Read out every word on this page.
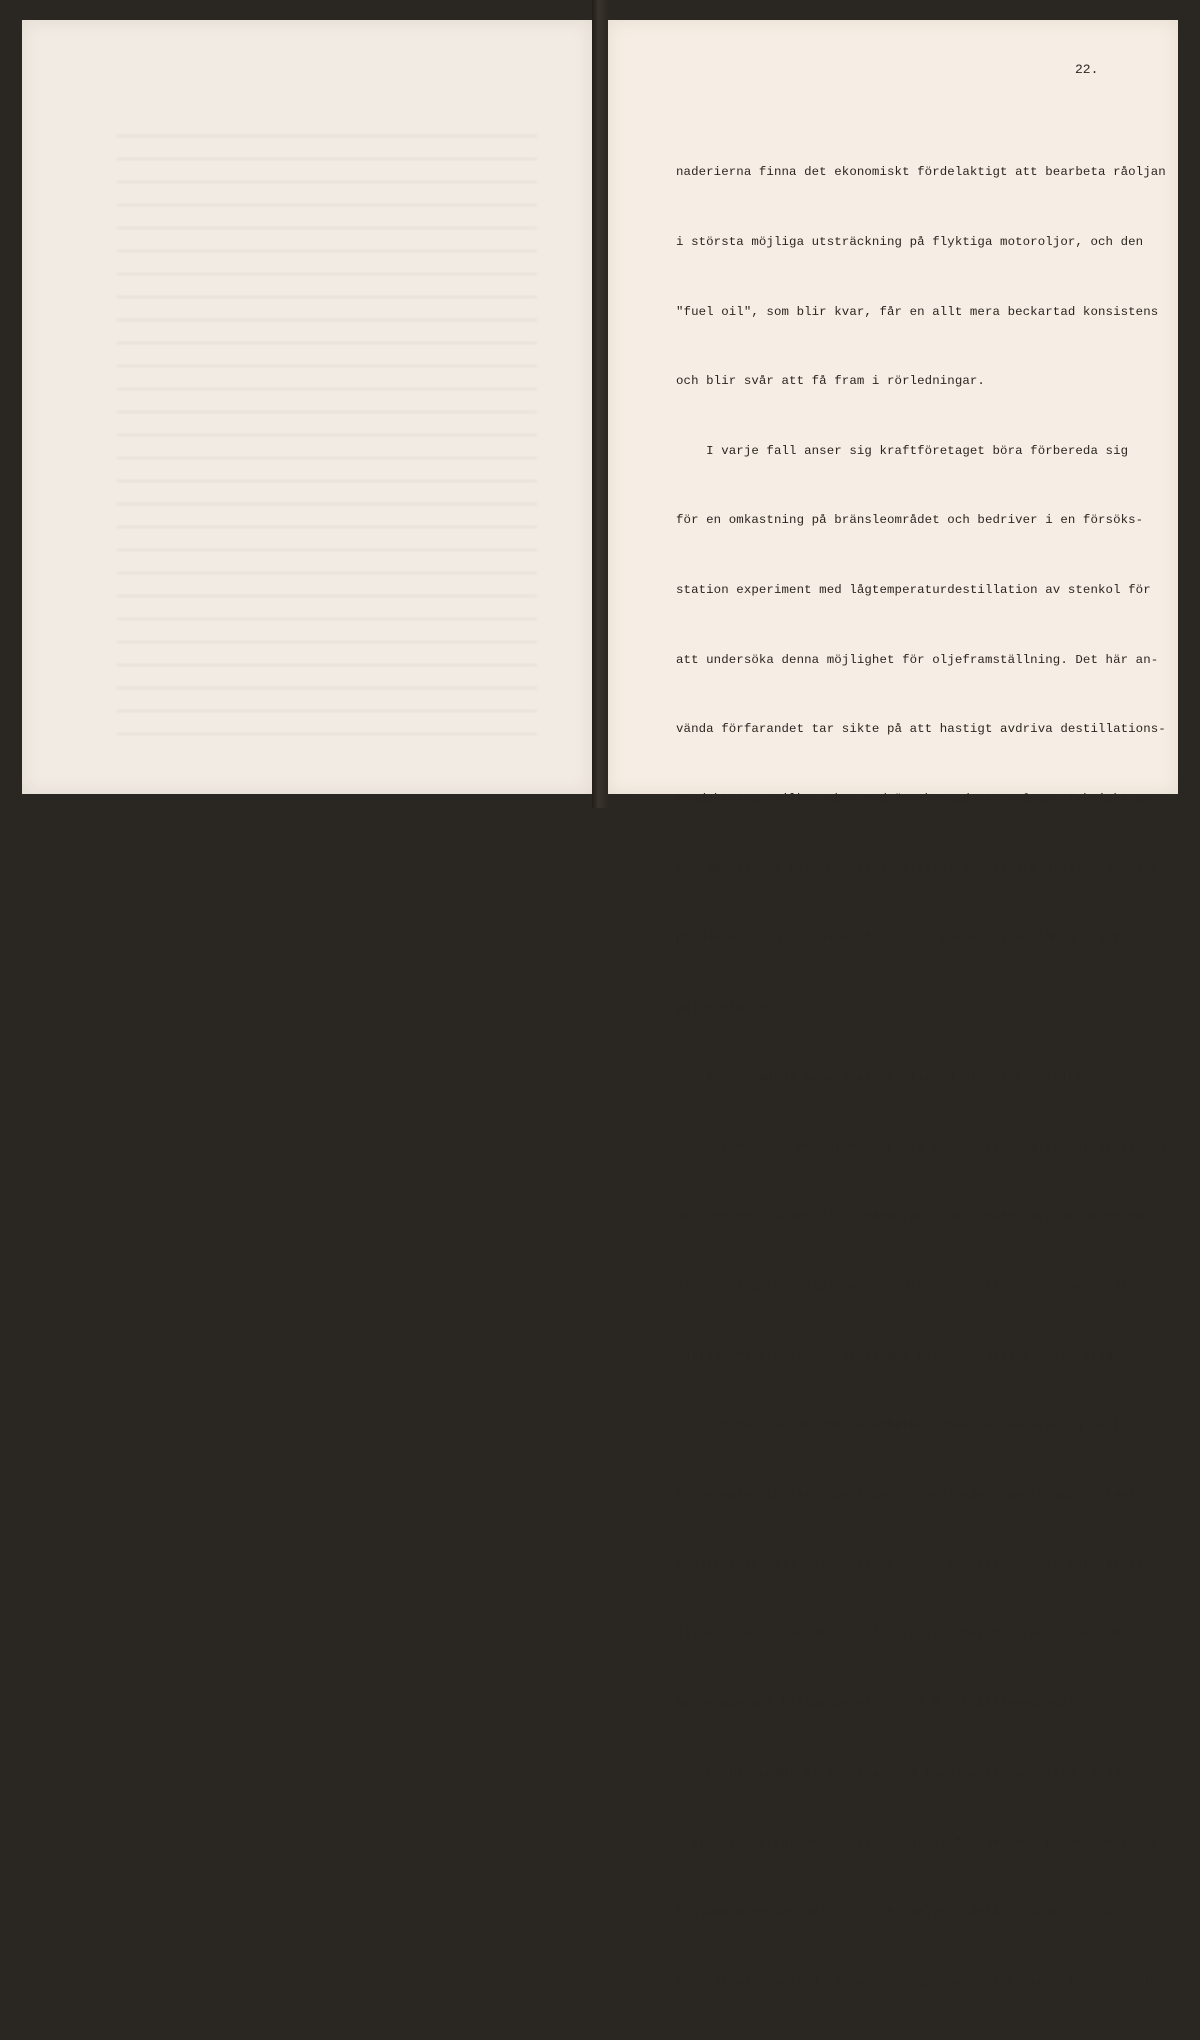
22.

naderierna finna det ekonomiskt fördelaktigt att bearbeta råoljan

i största möjliga utsträckning på flyktiga motoroljor, och den

"fuel oil", som blir kvar, får en allt mera beckartad konsistens

och blir svår att få fram i rörledningar.

I varje fall anser sig kraftföretaget böra förbereda sig

för en omkastning på bränsleområdet och bedriver i en försöks-

station experiment med lågtemperaturdestillation av stenkol för

att undersöka denna möjlighet för oljeframställning. Det här an-

vända förfarandet tar sikte på att hastigt avdriva destillations-

produkterna, vilket sker med överhettad vattenånga. Tekniskt an-

ser man sig ha nått mycket goda resultat, vackra utbyten av olje-

produkter uppgivas ha ernåtts, och koksen synes lämpa sig för

pulvereldning.

Den omnämnda Long-Beach-stationen utbygges av firman

Stone & Webster enligt modernaste principer. Ångtrycket är 27 atm.

och överhettningen 375°. Pannorna i den redan färdiga delen ha

eldrumsväggarna kylda med cirkulerande luft, i den nyaste med

vatten. Matarvattnet värmes med avtappningsånga i tre steg.

Vid den nya 50.000-kw-enheten uppsättes en kraftig luft-

förvärmare. En intressant detalj utgjorde transformatorvärmets

utnyttjande till luftförvärmning, i det att transformatorernas

oljekylare placerades i luftintaget under pannrumsgolvet. Man

beräknade att härigenom vinna 3/4 % i bränsleekonomi.

Maskinrummet är anordnat med turbinaxeln i husets längd-

riktning, varigenom vinnes att undervåningen med kondensorer och

hjälpmaskinerier dels blir väl belyst, dels tillgänglig för

maskinrumstraversen (en anordning, som undertecknad för sin del
